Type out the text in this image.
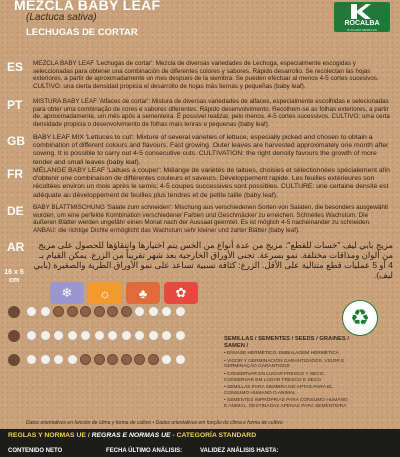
MEZCLA BABY LEAF
(Lactuca sativa)
LECHUGAS DE CORTAR
ROCALBA
ROCALBA SEMILLAS
ES MEZCLA BABY LEAF 'Lechugas de cortar': Mezcla de diversas variedades de Lechuga, especialmente escogidas y seleccionadas para obtener una combinación de diferentes colores y sabores. Rápido desarrollo. Se recolectan las hojas exteriores, a partir de aproximadamente un mes después de la siembra. Se pueden efectuar al menos 4-5 cortes sucesivos. CULTIVO: una cierta densidad propicia el desarrollo de hojas más tiernas y pequeñas (baby leaf).
PT MISTURA BABY LEAF 'Alfaces de cortar': Mistura de diversas variedades de alfaces, especialmente escolhidas e selecionadas para obter uma combinação de cores e sabores diferentes. Rápido desenvolvimento. Recolhem-se as folhas exteriores, a partir de, aproximadamente, um mês após a sementeira. É possível realizar, pelo menos, 4-5 cortes sucessivos. CULTIVO: uma certa densidade propicia o desenvolvimento de folhas mais tenras e pequenas (baby leaf).
GB BABY LEAF MIX 'Lettuces to cut': Mixture of several varieties of lettuce, especially picked and chosen to obtain a combination of different colours and flavours. Fast growing. Outer leaves are harvested approximately one month after sowing. It is possible to carry out 4-5 consecutive cuts. CULTIVATION: the right density favours the growth of more tender and small leaves (baby leaf).
FR MÉLANGE BABY LEAF 'Laitues a couper': Mélange de variétés de laitues, choisies et sélectionnées spécialement afin d'obtenir une combinaison de différentes couleurs et saveurs. Développement rapide. Les feuilles extérieures son récoltées environ un mois après le semis; 4-5 coupes successives sont possibles. CULTURE: une certaine densité est adéquate au développement de feuilles plus tendres et de petite taille (baby leaf).
DE BABY BLATTMISCHUNG 'Salate zum schneiden': Mischung aus verschiedenen Sorten von Salaten, die besonders ausgewählt wurden, um eine perfekte Kombination verschiedener Farben und Geschmäcker zu erreichen. Schnelles Wachstum. Die äußeren Blätter werden ungefähr einen Monat nach der Aussaat geerntet. Es ist möglich 4-5 nacheinander zu schneiden. ANBAU: die richtige Dichte ermöglicht das Wachstum sehr kleiner und zarter Blätter (baby leaf).
AR	مزيج بابي ليف "خسات للقطع": مزيج من عدة أنواع من الخس يتم اختيارها وانتقاؤها للحصول على مزيج من ألوان ومذاقات مختلفة. نمو بسرعة. تجنى الأوراق الخارجية بعد شهر تقريباً من الزرع. يمكن القيام بـ 4 أو 5 عمليات قطع متتالية على الأقل. الزرع: كثافة نسبية تساعد على نمو الأوراق الطرية والصغيرة (بابي ليف).
16 x 5 cm
❄	☼	♣	✿
♻
SEMILLAS / SEMENTES / SEEDS / GRAINES / SAMEN /
• ENVASE HERMÉTICO. EMBALAGEM HERMÉTICA
• VIGOR Y GERMINACIÓN GARANTIZADOS. VIGOR E GERMINAÇÃO GARANTIDOS
• CONSERVAR EN LUGAR FRESCO Y SECO. CONSERVAR EM LUGAR FRESCO E SECO
• SEMILLAS PARA SIEMBRA NO APTAS PARA EL CONSUMO HUMANO O ANIMAL
• SEMENTES IMPRÓPRIAS PARA CONSUMO HUMANO E ANIMAL. DESTINADAS APENAS PARA SEMENTEIRA
Datos orientativos en función de clima y forma de cultivo • Dados orientativos em função do clima e forma de cultivo
REGLAS Y NORMAS UE / REGRAS E NORMAS UE - CATEGORÍA STANDARD
CONTENIDO NETO	FECHA ÚLTIMO ANÁLISIS:	VALIDEZ ANÁLISIS HASTA:
